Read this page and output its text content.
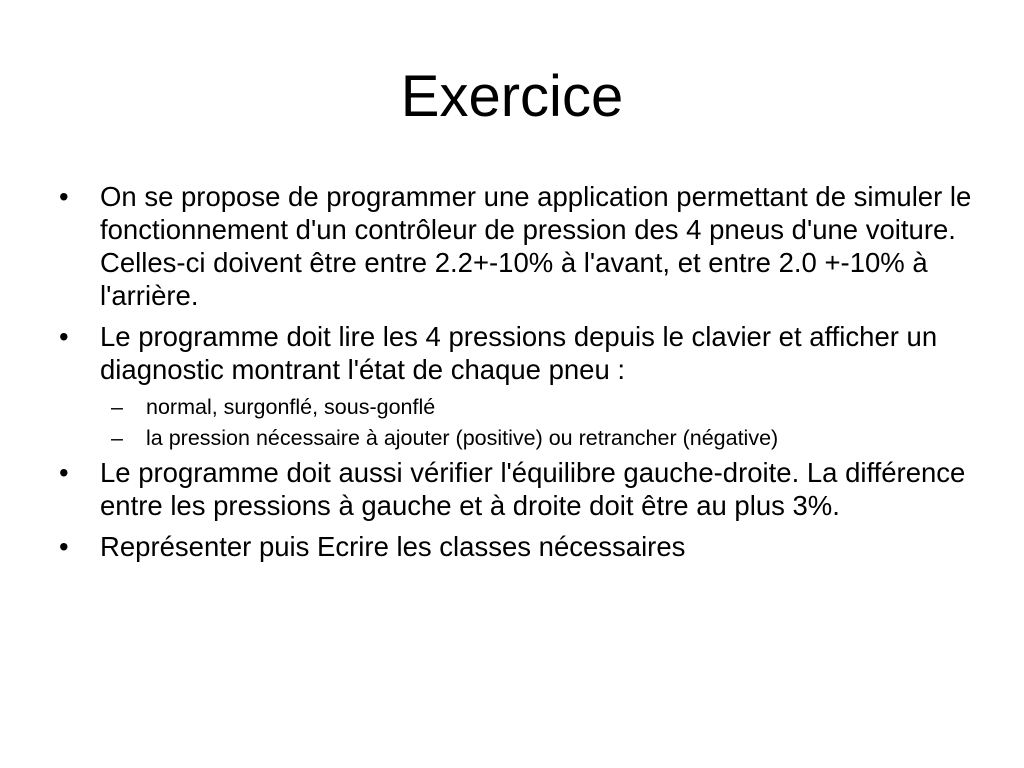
Exercice
•	On se propose de programmer une application permettant de simuler le fonctionnement d'un contrôleur de pression des 4 pneus d'une voiture. Celles-ci doivent être entre 2.2+-10% à l'avant, et entre 2.0 +-10% à l'arrière.
•	Le programme doit lire les 4 pressions depuis le clavier et afficher un diagnostic montrant l'état de chaque pneu :
– normal, surgonflé, sous-gonflé
– la pression nécessaire à ajouter (positive) ou retrancher (négative)
•	Le programme doit aussi vérifier l'équilibre gauche-droite. La différence entre les pressions à gauche et à droite doit être au plus 3%.
•	Représenter puis Ecrire les classes nécessaires
